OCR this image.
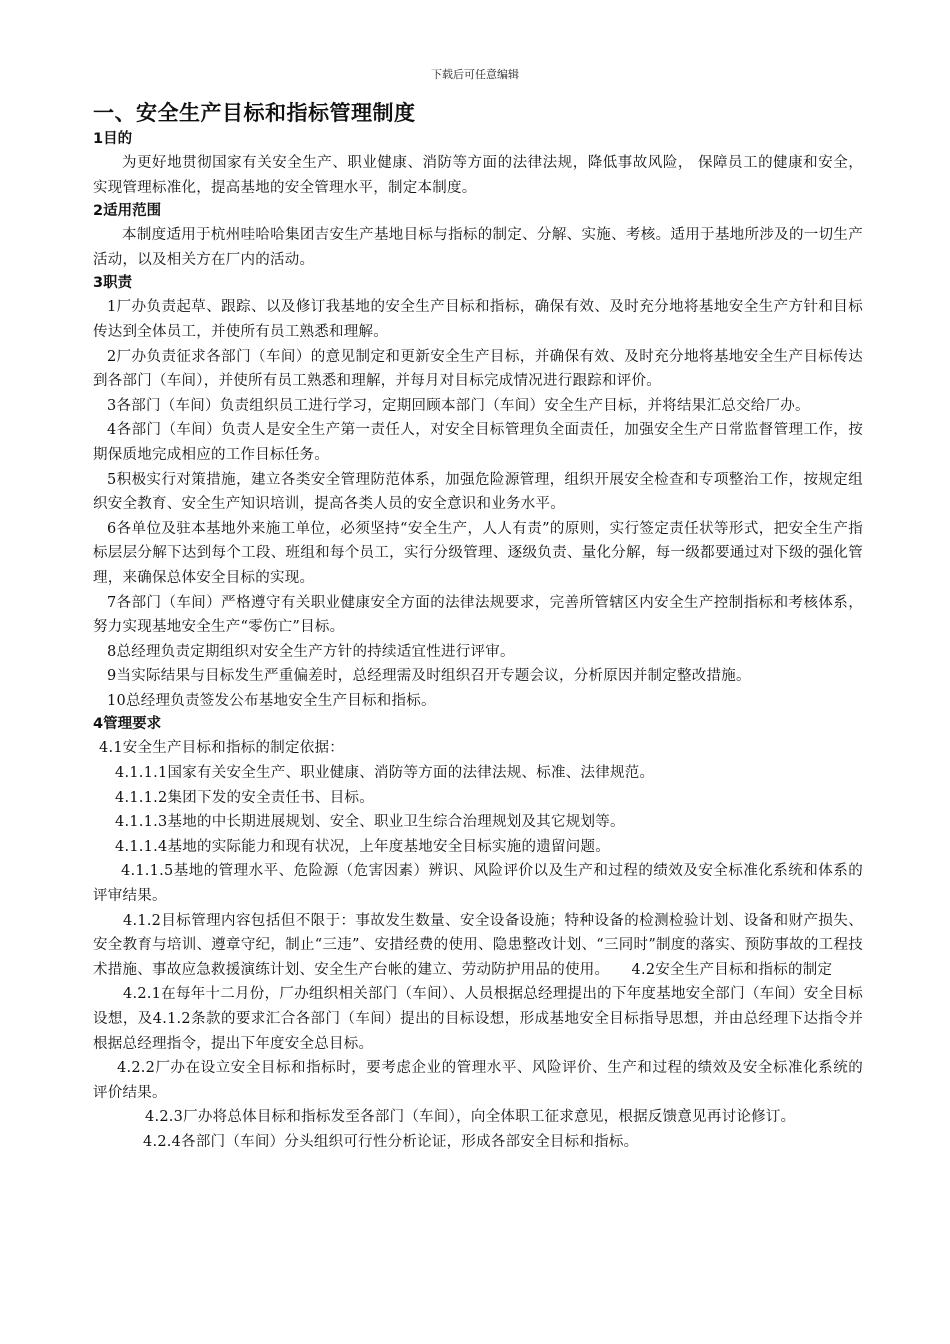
下载后可任意编辑
一、安全生产目标和指标管理制度
1目的

为更好地贯彻国家有关安全生产、职业健康、消防等方面的法律法规，降低事故风险， 保障员工的健康和安全，实现管理标准化，提高基地的安全管理水平，制定本制度。

2适用范围

本制度适用于杭州哇哈哈集团吉安生产基地目标与指标的制定、分解、实施、考核。适用于基地所涉及的一切生产活动，以及相关方在厂内的活动。

3职责

1厂办负责起草、跟踪、以及修订我基地的安全生产目标和指标，确保有效、及时充分地将基地安全生产方针和目标传达到全体员工，并使所有员工熟悉和理解。

2厂办负责征求各部门（车间）的意见制定和更新安全生产目标，并确保有效、及时充分地将基地安全生产目标传达到各部门（车间），并使所有员工熟悉和理解，并每月对目标完成情况进行跟踪和评价。

3各部门（车间）负责组织员工进行学习，定期回顾本部门（车间）安全生产目标，并将结果汇总交给厂办。

4各部门（车间）负责人是安全生产第一责任人，对安全目标管理负全面责任，加强安全生产日常监督管理工作，按期保质地完成相应的工作目标任务。

5积极实行对策措施，建立各类安全管理防范体系，加强危险源管理，组织开展安全检查和专项整治工作，按规定组织安全教育、安全生产知识培训，提高各类人员的安全意识和业务水平。

6各单位及驻本基地外来施工单位，必须坚持“安全生产，人人有责”的原则，实行签定责任状等形式，把安全生产指标层层分解下达到每个工段、班组和每个员工，实行分级管理、逐级负责、量化分解，每一级都要通过对下级的强化管理，来确保总体安全目标的实现。

7各部门（车间）严格遵守有关职业健康安全方面的法律法规要求，完善所管辖区内安全生产控制指标和考核体系，努力实现基地安全生产“零伤亡”目标。

8总经理负责定期组织对安全生产方针的持续适宜性进行评审。

9当实际结果与目标发生严重偏差时，总经理需及时组织召开专题会议，分析原因并制定整改措施。

10总经理负责签发公布基地安全生产目标和指标。

4管理要求

4.1安全生产目标和指标的制定依据：

4.1.1.1国家有关安全生产、职业健康、消防等方面的法律法规、标准、法律规范。

4.1.1.2集团下发的安全责任书、目标。

4.1.1.3基地的中长期进展规划、安全、职业卫生综合治理规划及其它规划等。

4.1.1.4基地的实际能力和现有状况，上年度基地安全目标实施的遗留问题。

4.1.1.5基地的管理水平、危险源（危害因素）辨识、风险评价以及生产和过程的绩效及安全标准化系统和体系的评审结果。

4.1.2目标管理内容包括但不限于：事故发生数量、安全设备设施；特种设备的检测检验计划、设备和财产损失、安全教育与培训、遵章守纪，制止“三违”、安措经费的使用、隐患整改计划、“三同时”制度的落实、预防事故的工程技术措施、事故应急救援演练计划、安全生产台帐的建立、劳动防护用品的使用。　　4.2安全生产目标和指标的制定

4.2.1在每年十二月份，厂办组织相关部门（车间）、人员根据总经理提出的下年度基地安全部门（车间）安全目标设想，及4.1.2条款的要求汇合各部门（车间）提出的目标设想，形成基地安全目标指导思想，并由总经理下达指令并根据总经理指令，提出下年度安全总目标。

4.2.2厂办在设立安全目标和指标时，要考虑企业的管理水平、风险评价、生产和过程的绩效及安全标准化系统的评价结果。

4.2.3厂办将总体目标和指标发至各部门（车间），向全体职工征求意见，根据反馈意见再讨论修订。

4.2.4各部门（车间）分头组织可行性分析论证，形成各部安全目标和指标。
